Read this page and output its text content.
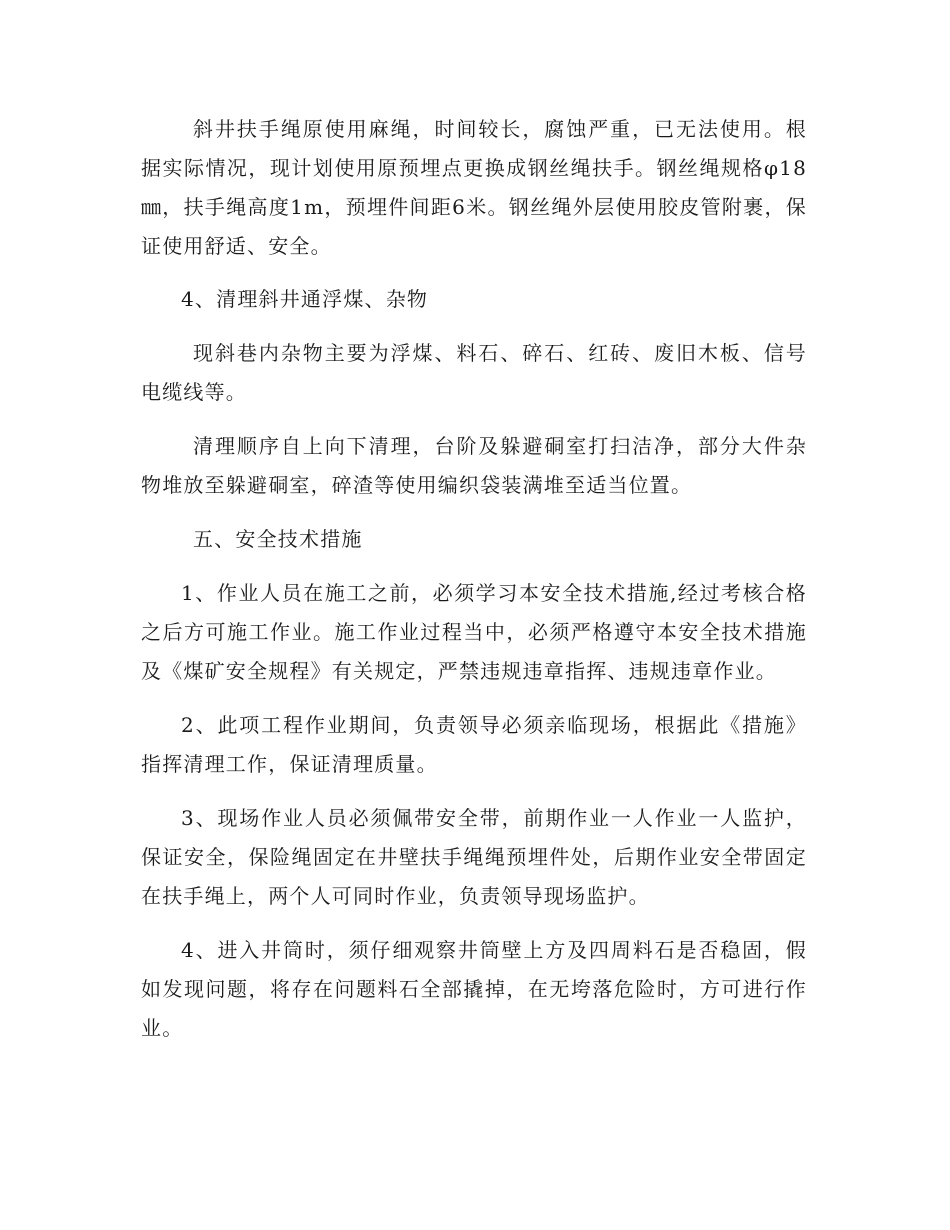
斜井扶手绳原使用麻绳，时间较长，腐蚀严重，已无法使用。根据实际情况，现计划使用原预埋点更换成钢丝绳扶手。钢丝绳规格φ18㎜，扶手绳高度1m，预埋件间距6米。钢丝绳外层使用胶皮管附裹，保证使用舒适、安全。

4、清理斜井通浮煤、杂物

现斜巷内杂物主要为浮煤、料石、碎石、红砖、废旧木板、信号电缆线等。

清理顺序自上向下清理，台阶及躲避硐室打扫洁净，部分大件杂物堆放至躲避硐室，碎渣等使用编织袋装满堆至适当位置。

五、安全技术措施

1、作业人员在施工之前，必须学习本安全技术措施,经过考核合格之后方可施工作业。施工作业过程当中，必须严格遵守本安全技术措施及《煤矿安全规程》有关规定，严禁违规违章指挥、违规违章作业。

2、此项工程作业期间，负责领导必须亲临现场，根据此《措施》指挥清理工作，保证清理质量。

3、现场作业人员必须佩带安全带，前期作业一人作业一人监护，保证安全，保险绳固定在井壁扶手绳绳预埋件处，后期作业安全带固定在扶手绳上，两个人可同时作业，负责领导现场监护。

4、进入井筒时，须仔细观察井筒壁上方及四周料石是否稳固，假如发现问题，将存在问题料石全部撬掉，在无垮落危险时，方可进行作业。
